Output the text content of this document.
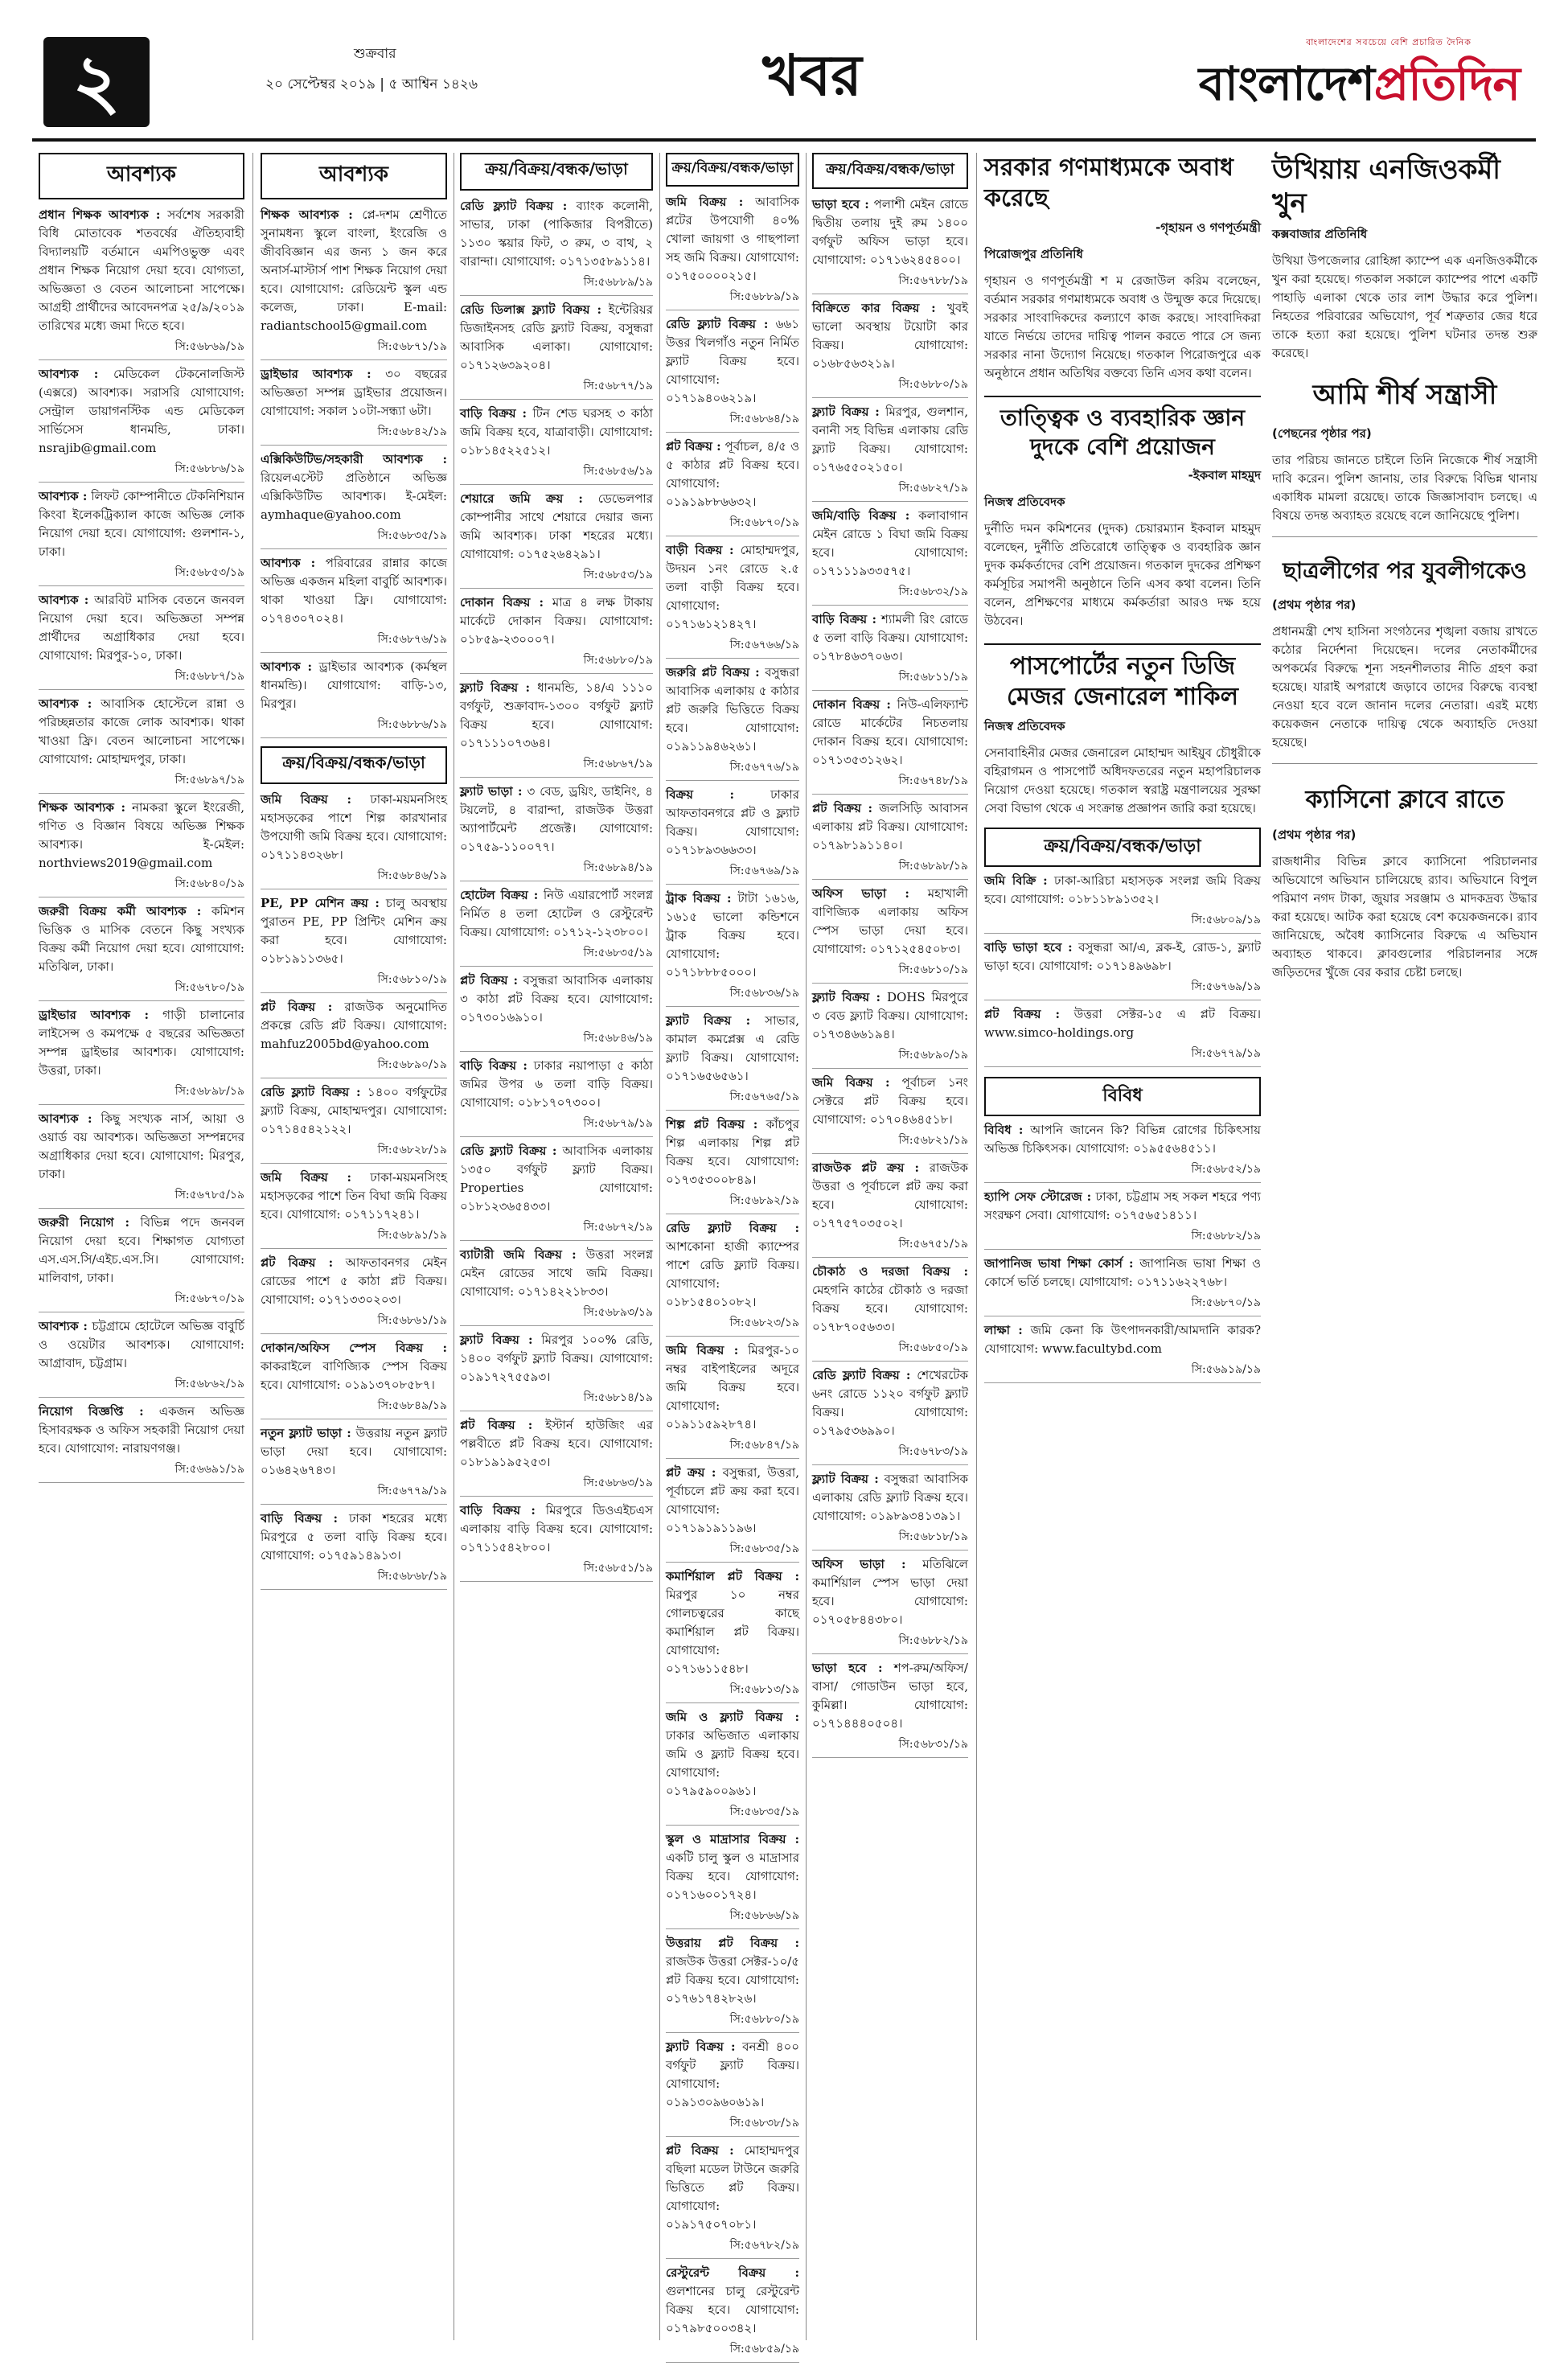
২	শুক্রবার
২০ সেপ্টেম্বর ২০১৯ | ৫ আশ্বিন ১৪২৬	খবর
বাংলাদেশের সবচেয়ে বেশি প্রচারিত দৈনিক
বাংলাদেশপ্রতিদিন
আবশ্যক

প্রধান শিক্ষক আবশ্যক : সর্বশেষ সরকারী বিধি মোতাবেক শতবর্ষের ঐতিহ্যবাহী বিদ্যালয়টি বর্তমানে এমপিওভুক্ত এবং প্রধান শিক্ষক নিয়োগ দেয়া হবে। যোগ্যতা, অভিজ্ঞতা ও বেতন আলোচনা সাপেক্ষে। আগ্রহী প্রার্থীদের আবেদনপত্র ২৫/৯/২০১৯ তারিখের মধ্যে জমা দিতে হবে।

সি:৫৬৮৬৯/১৯

আবশ্যক : মেডিকেল টেকনোলজিস্ট (এক্সরে) আবশ্যক। সরাসরি যোগাযোগ: সেন্ট্রাল ডায়াগনস্টিক এন্ড মেডিকেল সার্ভিসেস ধানমন্ডি, ঢাকা। nsrajib@gmail.com

সি:৫৬৮৮৬/১৯

আবশ্যক : লিফট কোম্পানীতে টেকনিশিয়ান কিংবা ইলেকট্রিক্যাল কাজে অভিজ্ঞ লোক নিয়োগ দেয়া হবে। যোগাযোগ: গুলশান-১, ঢাকা।

সি:৫৬৮৫৩/১৯

আবশ্যক : আরবিট মাসিক বেতনে জনবল নিয়োগ দেয়া হবে। অভিজ্ঞতা সম্পন্ন প্রার্থীদের অগ্রাধিকার দেয়া হবে। যোগাযোগ: মিরপুর-১০, ঢাকা।

সি:৫৬৮৮৭/১৯

আবশ্যক : আবাসিক হোস্টেলে রান্না ও পরিচ্ছন্নতার কাজে লোক আবশ্যক। থাকা খাওয়া ফ্রি। বেতন আলোচনা সাপেক্ষে। যোগাযোগ: মোহাম্মদপুর, ঢাকা।

সি:৫৬৮৯৭/১৯

শিক্ষক আবশ্যক : নামকরা স্কুলে ইংরেজী, গণিত ও বিজ্ঞান বিষয়ে অভিজ্ঞ শিক্ষক আবশ্যক। ই-মেইল: northviews2019@gmail.com

সি:৫৬৮৪০/১৯

জরুরী বিক্রয় কর্মী আবশ্যক : কমিশন ভিত্তিক ও মাসিক বেতনে কিছু সংখ্যক বিক্রয় কর্মী নিয়োগ দেয়া হবে। যোগাযোগ: মতিঝিল, ঢাকা।

সি:৫৬৭৮০/১৯

ড্রাইভার আবশ্যক : গাড়ী চালানোর লাইসেন্স ও কমপক্ষে ৫ বছরের অভিজ্ঞতা সম্পন্ন ড্রাইভার আবশ্যক। যোগাযোগ: উত্তরা, ঢাকা।

সি:৫৬৮৯৮/১৯

আবশ্যক : কিছু সংখ্যক নার্স, আয়া ও ওয়ার্ড বয় আবশ্যক। অভিজ্ঞতা সম্পন্নদের অগ্রাধিকার দেয়া হবে। যোগাযোগ: মিরপুর, ঢাকা।

সি:৫৬৭৮৫/১৯

জরুরী নিয়োগ : বিভিন্ন পদে জনবল নিয়োগ দেয়া হবে। শিক্ষাগত যোগ্যতা এস.এস.সি/এইচ.এস.সি। যোগাযোগ: মালিবাগ, ঢাকা।

সি:৫৬৮৭০/১৯

আবশ্যক : চট্টগ্রামে হোটেলে অভিজ্ঞ বাবুর্চি ও ওয়েটার আবশ্যক। যোগাযোগ: আগ্রাবাদ, চট্টগ্রাম।

সি:৫৬৮৬২/১৯

নিয়োগ বিজ্ঞপ্তি : একজন অভিজ্ঞ হিসাবরক্ষক ও অফিস সহকারী নিয়োগ দেয়া হবে। যোগাযোগ: নারায়ণগঞ্জ।

সি:৫৬৬৯১/১৯

আবশ্যক

শিক্ষক আবশ্যক : প্লে-দশম শ্রেণীতে সুনামধন্য স্কুলে বাংলা, ইংরেজি ও জীববিজ্ঞান এর জন্য ১ জন করে অনার্স-মাস্টার্স পাশ শিক্ষক নিয়োগ দেয়া হবে। যোগাযোগ: রেডিয়েন্ট স্কুল এন্ড কলেজ, ঢাকা। E-mail: radiantschool5@gmail.com

সি:৫৬৮৭১/১৯

ড্রাইভার আবশ্যক : ৩০ বছরের অভিজ্ঞতা সম্পন্ন ড্রাইভার প্রয়োজন। যোগাযোগ: সকাল ১০টা-সন্ধ্যা ৬টা।

সি:৫৬৮৪২/১৯

এক্সিকিউটিভ/সহকারী আবশ্যক : রিয়েলএস্টেট প্রতিষ্ঠানে অভিজ্ঞ এক্সিকিউটিভ আবশ্যক। ই-মেইল: aymhaque@yahoo.com

সি:৫৬৮৩৫/১৯

আবশ্যক : পরিবারের রান্নার কাজে অভিজ্ঞ একজন মহিলা বাবুর্চি আবশ্যক। থাকা খাওয়া ফ্রি। যোগাযোগ: ০১৭৪৩০৭০২৪।

সি:৫৬৮৭৬/১৯

আবশ্যক : ড্রাইভার আবশ্যক (কর্মস্থল ধানমন্ডি)। যোগাযোগ: বাড়ি-১৩, মিরপুর।

সি:৫৬৮৮৬/১৯

ক্রয়/বিক্রয়/বন্ধক/ভাড়া

জমি বিক্রয় : ঢাকা-ময়মনসিংহ মহাসড়কের পাশে শিল্প কারখানার উপযোগী জমি বিক্রয় হবে। যোগাযোগ: ০১৭১১৪৩২৬৮।

সি:৫৬৮৪৬/১৯

PE, PP মেশিন ক্রয় : চালু অবস্থায় পুরাতন PE, PP প্রিন্টিং মেশিন ক্রয় করা হবে। যোগাযোগ: ০১৮১৯১১৩৬৫।

সি:৫৬৮১০/১৯

প্লট বিক্রয় : রাজউক অনুমোদিত প্রকল্পে রেডি প্লট বিক্রয়। যোগাযোগ: mahfuz2005bd@yahoo.com

সি:৫৬৮৯০/১৯

রেডি ফ্ল্যাট বিক্রয় : ১৪০০ বর্গফুটের ফ্ল্যাট বিক্রয়, মোহাম্মদপুর। যোগাযোগ: ০১৭১৪৫৪২১২২।

সি:৫৬৮২৮/১৯

জমি বিক্রয় : ঢাকা-ময়মনসিংহ মহাসড়কের পাশে তিন বিঘা জমি বিক্রয় হবে। যোগাযোগ: ০১৭১১৭২৪১।

সি:৫৬৮৯১/১৯

প্লট বিক্রয় : আফতাবনগর মেইন রোডের পাশে ৫ কাঠা প্লট বিক্রয়। যোগাযোগ: ০১৭১৩৩০২০৩।

সি:৫৬৮৬১/১৯

দোকান/অফিস স্পেস বিক্রয় : কাকরাইলে বাণিজ্যিক স্পেস বিক্রয় হবে। যোগাযোগ: ০১৯১৩৭০৮৫৮৭।

সি:৫৬৮৪৯/১৯

নতুন ফ্ল্যাট ভাড়া : উত্তরায় নতুন ফ্ল্যাট ভাড়া দেয়া হবে। যোগাযোগ: ০১৬৪২৬৭৪৩।

সি:৫৬৭৭৯/১৯

বাড়ি বিক্রয় : ঢাকা শহরের মধ্যে মিরপুরে ৫ তলা বাড়ি বিক্রয় হবে। যোগাযোগ: ০১৭৫৯১৪৯১৩।

সি:৫৬৮৬৮/১৯

ক্রয়/বিক্রয়/বন্ধক/ভাড়া

রেডি ফ্ল্যাট বিক্রয় : ব্যাংক কলোনী, সাভার, ঢাকা (পাকিজার বিপরীতে) ১১৩০ স্কয়ার ফিট, ৩ রুম, ৩ বাথ, ২ বারান্দা। যোগাযোগ: ০১৭১৩৫৮৯১১৪।

সি:৫৬৮৮৯/১৯

রেডি ডিলাক্স ফ্ল্যাট বিক্রয় : ইন্টেরিয়র ডিজাইনসহ রেডি ফ্ল্যাট বিক্রয়, বসুন্ধরা আবাসিক এলাকা। যোগাযোগ: ০১৭১২৬৩৯২০৪।

সি:৫৬৮৭৭/১৯

বাড়ি বিক্রয় : টিন শেড ঘরসহ ৩ কাঠা জমি বিক্রয় হবে, যাত্রাবাড়ী। যোগাযোগ: ০১৮১৪৫২২৫১২।

সি:৫৬৮৫৬/১৯

শেয়ারে জমি ক্রয় : ডেভেলপার কোম্পানীর সাথে শেয়ারে দেয়ার জন্য জমি আবশ্যক। ঢাকা শহরের মধ্যে। যোগাযোগ: ০১৭৫২৬৪২৯১।

সি:৫৬৮৫৩/১৯

দোকান বিক্রয় : মাত্র ৪ লক্ষ টাকায় মার্কেটে দোকান বিক্রয়। যোগাযোগ: ০১৮৫৯-২৩০০০৭।

সি:৫৬৮৮০/১৯

ফ্ল্যাট বিক্রয় : ধানমন্ডি, ১৪/এ ১১১০ বর্গফুট, শুক্রাবাদ-১৩০০ বর্গফুট ফ্ল্যাট বিক্রয় হবে। যোগাযোগ: ০১৭১১১০৭৩৬৪।

সি:৫৬৮৬৭/১৯

ফ্ল্যাট ভাড়া : ৩ বেড, ড্রয়িং, ডাইনিং, ৪ টয়লেট, ৪ বারান্দা, রাজউক উত্তরা অ্যাপার্টমেন্ট প্রজেক্ট। যোগাযোগ: ০১৭৫৯-১১০০৭৭।

সি:৫৬৮৯৪/১৯

হোটেল বিক্রয় : নিউ এয়ারপোর্ট সংলগ্ন নির্মিত ৪ তলা হোটেল ও রেস্টুরেন্ট বিক্রয়। যোগাযোগ: ০১৭১২-১২৩৮০০।

সি:৫৬৮৩৫/১৯

প্লট বিক্রয় : বসুন্ধরা আবাসিক এলাকায় ৩ কাঠা প্লট বিক্রয় হবে। যোগাযোগ: ০১৭৩০১৬৯১০।

সি:৫৬৮৪৬/১৯

বাড়ি বিক্রয় : ঢাকার নয়াপাড়া ৫ কাঠা জমির উপর ৬ তলা বাড়ি বিক্রয়। যোগাযোগ: ০১৮১৭০৭৩০০।

সি:৫৬৮৭৯/১৯

রেডি ফ্ল্যাট বিক্রয় : আবাসিক এলাকায় ১৩৫০ বর্গফুট ফ্ল্যাট বিক্রয়। Properties যোগাযোগ: ০১৮১২৩৬৫৪৩৩।

সি:৫৬৮৭২/১৯

ব্যাটারী জমি বিক্রয় : উত্তরা সংলগ্ন মেইন রোডের সাথে জমি বিক্রয়। যোগাযোগ: ০১৭১৪২২১৮৩৩।

সি:৫৬৮৯৩/১৯

ফ্ল্যাট বিক্রয় : মিরপুর ১০০% রেডি, ১৪০০ বর্গফুট ফ্ল্যাট বিক্রয়। যোগাযোগ: ০১৯১৭২৭৫৫৯৩।

সি:৫৬৮১৪/১৯

প্লট বিক্রয় : ইস্টার্ন হাউজিং এর পল্লবীতে প্লট বিক্রয় হবে। যোগাযোগ: ০১৮১৯১৯৫২৫৩।

সি:৫৬৮৬৩/১৯

বাড়ি বিক্রয় : মিরপুরে ডিওএইচএস এলাকায় বাড়ি বিক্রয় হবে। যোগাযোগ: ০১৭১১৫৪২৮০০।

সি:৫৬৮৫১/১৯

ক্রয়/বিক্রয়/বন্ধক/ভাড়া

জমি বিক্রয় : আবাসিক প্লটের উপযোগী ৪০% খোলা জায়গা ও গাছপালা সহ জমি বিক্রয়। যোগাযোগ: ০১৭৫০০০০২১৫।

সি:৫৬৮৮৯/১৯

রেডি ফ্ল্যাট বিক্রয় : ৬৬১ উত্তর খিলগাঁও নতুন নির্মিত ফ্ল্যাট বিক্রয় হবে। যোগাযোগ: ০১৭১৯৪০৬২১৯।

সি:৫৬৮৬৪/১৯

প্লট বিক্রয় : পূর্বাচল, ৪/৫ ও ৫ কাঠার প্লট বিক্রয় হবে। যোগাযোগ: ০১৯১৯৮৮৬৬৩২।

সি:৫৬৮৭০/১৯

বাড়ী বিক্রয় : মোহাম্মদপুর, উদয়ন ১নং রোডে ২.৫ তলা বাড়ী বিক্রয় হবে। যোগাযোগ: ০১৭১৬১২১৪২৭।

সি:৫৬৭৬৬/১৯

জরুরি প্লট বিক্রয় : বসুন্ধরা আবাসিক এলাকায় ৫ কাঠার প্লট জরুরি ভিত্তিতে বিক্রয় হবে। যোগাযোগ: ০১৯১১৯৪৬২৬১।

সি:৫৬৭৭৬/১৯

বিক্রয় :	ঢাকার আফতাবনগরে প্লট ও ফ্ল্যাট বিক্রয়। যোগাযোগ: ০১৭১৮৯৩৬৬৩৩।

সি:৫৬৭৬৯/১৯

ট্রাক বিক্রয় : টাটা ১৬১৬, ১৬১৫ ভালো কন্ডিশনে ট্রাক বিক্রয় হবে। যোগাযোগ: ০১৭১৮৮৮৫০০০।

সি:৫৬৮৩৬/১৯

ফ্ল্যাট বিক্রয় : সাভার, কামাল কমপ্লেক্স এ রেডি ফ্ল্যাট বিক্রয়। যোগাযোগ: ০১৭১৬৫৬৫৬১।

সি:৫৬৭৬৫/১৯

শিল্প প্লট বিক্রয় : কাঁচপুর শিল্প এলাকায় শিল্প প্লট বিক্রয় হবে। যোগাযোগ: ০১৭৩৫৩০০৮৪৯।

সি:৫৬৮৯২/১৯

রেডি ফ্ল্যাট বিক্রয় : আশকোনা হাজী ক্যাম্পের পাশে রেডি ফ্ল্যাট বিক্রয়। যোগাযোগ: ০১৮১৫৪০১০৮২।

সি:৫৬৮২৩/১৯

জমি বিক্রয় : মিরপুর-১০ নম্বর বাইপাইলের অদূরে জমি বিক্রয় হবে। যোগাযোগ: ০১৯১১৫৯২৮৭৪।

সি:৫৬৮৪৭/১৯

প্লট ক্রয় : বসুন্ধরা, উত্তরা, পূর্বাচলে প্লট ক্রয় করা হবে। যোগাযোগ: ০১৭১৯১৯১১৯৬।

সি:৫৬৮৩৫/১৯

কমার্শিয়াল প্লট বিক্রয় : মিরপুর ১০ নম্বর গোলচত্বরের কাছে কমার্শিয়াল প্লট বিক্রয়। যোগাযোগ: ০১৭১৬১১৫৪৮।

সি:৫৬৮১৩/১৯

জমি ও ফ্ল্যাট বিক্রয় : ঢাকার অভিজাত এলাকায় জমি ও ফ্ল্যাট বিক্রয় হবে। যোগাযোগ: ০১৭৯৫৯০০৯৬১।

সি:৫৬৮৩৫/১৯

স্কুল ও মাদ্রাসার বিক্রয় : একটি চালু স্কুল ও মাদ্রাসার বিক্রয় হবে। যোগাযোগ: ০১৭১৬০০১৭২৪।

সি:৫৬৮৬৬/১৯

উত্তরায় প্লট বিক্রয় : রাজউক উত্তরা সেক্টর-১০/৫ প্লট বিক্রয় হবে। যোগাযোগ: ০১৭৬১৭৪২৮২৬।

সি:৫৬৮৮০/১৯

ফ্ল্যাট বিক্রয় : বনশ্রী ৪০০ বর্গফুট ফ্ল্যাট বিক্রয়। যোগাযোগ: ০১৯১৩০৯৬০৬১৯।

সি:৫৬৮৩৮/১৯

প্লট বিক্রয় : মোহাম্মদপুর বছিলা মডেল টাউনে জরুরি ভিত্তিতে প্লট বিক্রয়। যোগাযোগ: ০১৯১৭৫০৭০৮১।

সি:৫৬৭৮২/১৯

রেস্টুরেন্ট বিক্রয় : গুলশানের চালু রেস্টুরেন্ট বিক্রয় হবে। যোগাযোগ: ০১৭৯৮৫০০৩৪২।

সি:৫৬৮৫৯/১৯

ক্রয়/বিক্রয়/বন্ধক/ভাড়া

ভাড়া হবে : পলাশী মেইন রোডে দ্বিতীয় তলায় দুই রুম ১৪০০ বর্গফুট অফিস ভাড়া হবে। যোগাযোগ: ০১৭১৬২৪৫৪০০।

সি:৫৬৭৮৮/১৯

বিক্রিতে কার বিক্রয় : খুবই ভালো অবস্থায় টয়োটা কার বিক্রয়। যোগাযোগ: ০১৬৮৫৬৩২১৯।

সি:৫৬৮৮০/১৯

ফ্ল্যাট বিক্রয় : মিরপুর, গুলশান, বনানী সহ বিভিন্ন এলাকায় রেডি ফ্ল্যাট বিক্রয়। যোগাযোগ: ০১৭৬৫৫০২১৫০।

সি:৫৬৮২৭/১৯

জমি/বাড়ি বিক্রয় : কলাবাগান মেইন রোডে ১ বিঘা জমি বিক্রয় হবে। যোগাযোগ: ০১৭১১১৯৩৩৫৭৫।

সি:৫৬৮৩২/১৯

বাড়ি বিক্রয় : শ্যামলী রিং রোডে ৫ তলা বাড়ি বিক্রয়। যোগাযোগ: ০১৭৮৪৬৩৭০৬৩।

সি:৫৬৮১১/১৯

দোকান বিক্রয় : নিউ-এলিফ্যান্ট রোডে মার্কেটের নিচতলায় দোকান বিক্রয় হবে। যোগাযোগ: ০১৭১৩৫৩১২৬২।

সি:৫৬৭৪৮/১৯

প্লট বিক্রয় : জলসিড়ি আবাসন এলাকায় প্লট বিক্রয়। যোগাযোগ: ০১৭৯৮১৯১১৪০।

সি:৫৬৮৯৮/১৯

অফিস ভাড়া : মহাখালী বাণিজ্যিক এলাকায় অফিস স্পেস ভাড়া দেয়া হবে। যোগাযোগ: ০১৭১২৫৪৫০৮৩।

সি:৫৬৮১০/১৯

ফ্ল্যাট বিক্রয় : DOHS মিরপুরে ৩ বেড ফ্ল্যাট বিক্রয়। যোগাযোগ: ০১৭৩৪৬৬১৯৪।

সি:৫৬৮৯০/১৯

জমি বিক্রয় : পূর্বাচল ১নং সেক্টরে প্লট বিক্রয় হবে। যোগাযোগ: ০১৭০৪৬৪৫১৮।

সি:৫৬৮২১/১৯

রাজউক প্লট ক্রয় : রাজউক উত্তরা ও পূর্বাচলে প্লট ক্রয় করা হবে। যোগাযোগ: ০১৭৭৫৭০৩৫০২।

সি:৫৬৭৫১/১৯

চৌকাঠ ও দরজা বিক্রয় : মেহগনি কাঠের চৌকাঠ ও দরজা বিক্রয় হবে। যোগাযোগ: ০১৭৮৭০৫৬৩৩।

সি:৫৬৮৫০/১৯

রেডি ফ্ল্যাট বিক্রয় : শেখেরটেক ৬নং রোডে ১১২০ বর্গফুট ফ্ল্যাট বিক্রয়। যোগাযোগ: ০১৭৯৫৩৬৯৯০।

সি:৫৬৭৮৩/১৯

ফ্ল্যাট বিক্রয় : বসুন্ধরা আবাসিক এলাকায় রেডি ফ্ল্যাট বিক্রয় হবে। যোগাযোগ: ০১৯৮৯৩৪১৩৯১।

সি:৫৬৮১৮/১৯

অফিস ভাড়া : মতিঝিলে কমার্শিয়াল স্পেস ভাড়া দেয়া হবে। যোগাযোগ: ০১৭০৫৮৪৪৩৮০।

সি:৫৬৮৮২/১৯

ভাড়া হবে : শপ-রুম/অফিস/বাসা/ গোডাউন ভাড়া হবে, কুমিল্লা। যোগাযোগ: ০১৭১৪৪৪০৫০৪।

সি:৫৬৮৩১/১৯

সরকার গণমাধ্যমকে অবাধ করেছে
-গৃহায়ন ও গণপূর্তমন্ত্রী
পিরোজপুর প্রতিনিধি

গৃহায়ন ও গণপূর্তমন্ত্রী শ ম রেজাউল করিম বলেছেন, বর্তমান সরকার গণমাধ্যমকে অবাধ ও উন্মুক্ত করে দিয়েছে। সরকার সাংবাদিকদের কল্যাণে কাজ করছে। সাংবাদিকরা যাতে নির্ভয়ে তাদের দায়িত্ব পালন করতে পারে সে জন্য সরকার নানা উদ্যোগ নিয়েছে। গতকাল পিরোজপুরে এক অনুষ্ঠানে প্রধান অতিথির বক্তব্যে তিনি এসব কথা বলেন।

তাত্ত্বিক ও ব্যবহারিক জ্ঞান দুদকে বেশি প্রয়োজন
-ইকবাল মাহমুদ
নিজস্ব প্রতিবেদক

দুর্নীতি দমন কমিশনের (দুদক) চেয়ারম্যান ইকবাল মাহমুদ বলেছেন, দুর্নীতি প্রতিরোধে তাত্ত্বিক ও ব্যবহারিক জ্ঞান দুদক কর্মকর্তাদের বেশি প্রয়োজন। গতকাল দুদকের প্রশিক্ষণ কর্মসূচির সমাপনী অনুষ্ঠানে তিনি এসব কথা বলেন। তিনি বলেন, প্রশিক্ষণের মাধ্যমে কর্মকর্তারা আরও দক্ষ হয়ে উঠবেন।

পাসপোর্টের নতুন ডিজি মেজর জেনারেল শাকিল
নিজস্ব প্রতিবেদক

সেনাবাহিনীর মেজর জেনারেল মোহাম্মদ আইয়ুব চৌধুরীকে বহিরাগমন ও পাসপোর্ট অধিদফতরের নতুন মহাপরিচালক নিয়োগ দেওয়া হয়েছে। গতকাল স্বরাষ্ট্র মন্ত্রণালয়ের সুরক্ষা সেবা বিভাগ থেকে এ সংক্রান্ত প্রজ্ঞাপন জারি করা হয়েছে।

ক্রয়/বিক্রয়/বন্ধক/ভাড়া

জমি বিক্রি : ঢাকা-আরিচা মহাসড়ক সংলগ্ন জমি বিক্রয় হবে। যোগাযোগ: ০১৮১১৮৯১৩৫২।

সি:৫৬৮০৯/১৯

বাড়ি ভাড়া হবে : বসুন্ধরা আ/এ, ব্লক-ই, রোড-১, ফ্ল্যাট ভাড়া হবে। যোগাযোগ: ০১৭১৪৯৬৯৮।

সি:৫৬৭৬৯/১৯

প্লট বিক্রয় : উত্তরা সেক্টর-১৫ এ প্লট বিক্রয়। www.simco-holdings.org

সি:৫৬৭৭৯/১৯

বিবিধ

বিবিধ : আপনি জানেন কি? বিভিন্ন রোগের চিকিৎসায় অভিজ্ঞ চিকিৎসক। যোগাযোগ: ০১৯৫৫৬৪৫১১।

সি:৫৬৮৫২/১৯

হ্যাপি সেফ স্টোরেজ : ঢাকা, চট্টগ্রাম সহ সকল শহরে পণ্য সংরক্ষণ সেবা। যোগাযোগ: ০১৭৫৬৫১৪১১।

সি:৫৬৮৮২/১৯

জাপানিজ ভাষা শিক্ষা কোর্স : জাপানিজ ভাষা শিক্ষা ও কোর্সে ভর্তি চলছে। যোগাযোগ: ০১৭১১৬২২৭৬৮।

সি:৫৬৮৭০/১৯

লাক্ষা : জমি কেনা কি উৎপাদনকারী/আমদানি কারক? যোগাযোগ: www.facultybd.com

সি:৫৬৯১৯/১৯

উখিয়ায় এনজিওকর্মী খুন
কক্সবাজার প্রতিনিধি

উখিয়া উপজেলার রোহিঙ্গা ক্যাম্পে এক এনজিওকর্মীকে খুন করা হয়েছে। গতকাল সকালে ক্যাম্পের পাশে একটি পাহাড়ি এলাকা থেকে তার লাশ উদ্ধার করে পুলিশ। নিহতের পরিবারের অভিযোগ, পূর্ব শত্রুতার জের ধরে তাকে হত্যা করা হয়েছে। পুলিশ ঘটনার তদন্ত শুরু করেছে।

আমি শীর্ষ সন্ত্রাসী
(পেছনের পৃষ্ঠার পর)

তার পরিচয় জানতে চাইলে তিনি নিজেকে শীর্ষ সন্ত্রাসী দাবি করেন। পুলিশ জানায়, তার বিরুদ্ধে বিভিন্ন থানায় একাধিক মামলা রয়েছে। তাকে জিজ্ঞাসাবাদ চলছে। এ বিষয়ে তদন্ত অব্যাহত রয়েছে বলে জানিয়েছে পুলিশ।

ছাত্রলীগের পর যুবলীগকেও
(প্রথম পৃষ্ঠার পর)

প্রধানমন্ত্রী শেখ হাসিনা সংগঠনের শৃঙ্খলা বজায় রাখতে কঠোর নির্দেশনা দিয়েছেন। দলের নেতাকর্মীদের অপকর্মের বিরুদ্ধে শূন্য সহনশীলতার নীতি গ্রহণ করা হয়েছে। যারাই অপরাধে জড়াবে তাদের বিরুদ্ধে ব্যবস্থা নেওয়া হবে বলে জানান দলের নেতারা। এরই মধ্যে কয়েকজন নেতাকে দায়িত্ব থেকে অব্যাহতি দেওয়া হয়েছে।

ক্যাসিনো ক্লাবে রাতে
(প্রথম পৃষ্ঠার পর)

রাজধানীর বিভিন্ন ক্লাবে ক্যাসিনো পরিচালনার অভিযোগে অভিযান চালিয়েছে র‌্যাব। অভিযানে বিপুল পরিমাণ নগদ টাকা, জুয়ার সরঞ্জাম ও মাদকদ্রব্য উদ্ধার করা হয়েছে। আটক করা হয়েছে বেশ কয়েকজনকে। র‌্যাব জানিয়েছে, অবৈধ ক্যাসিনোর বিরুদ্ধে এ অভিযান অব্যাহত থাকবে। ক্লাবগুলোর পরিচালনার সঙ্গে জড়িতদের খুঁজে বের করার চেষ্টা চলছে।
